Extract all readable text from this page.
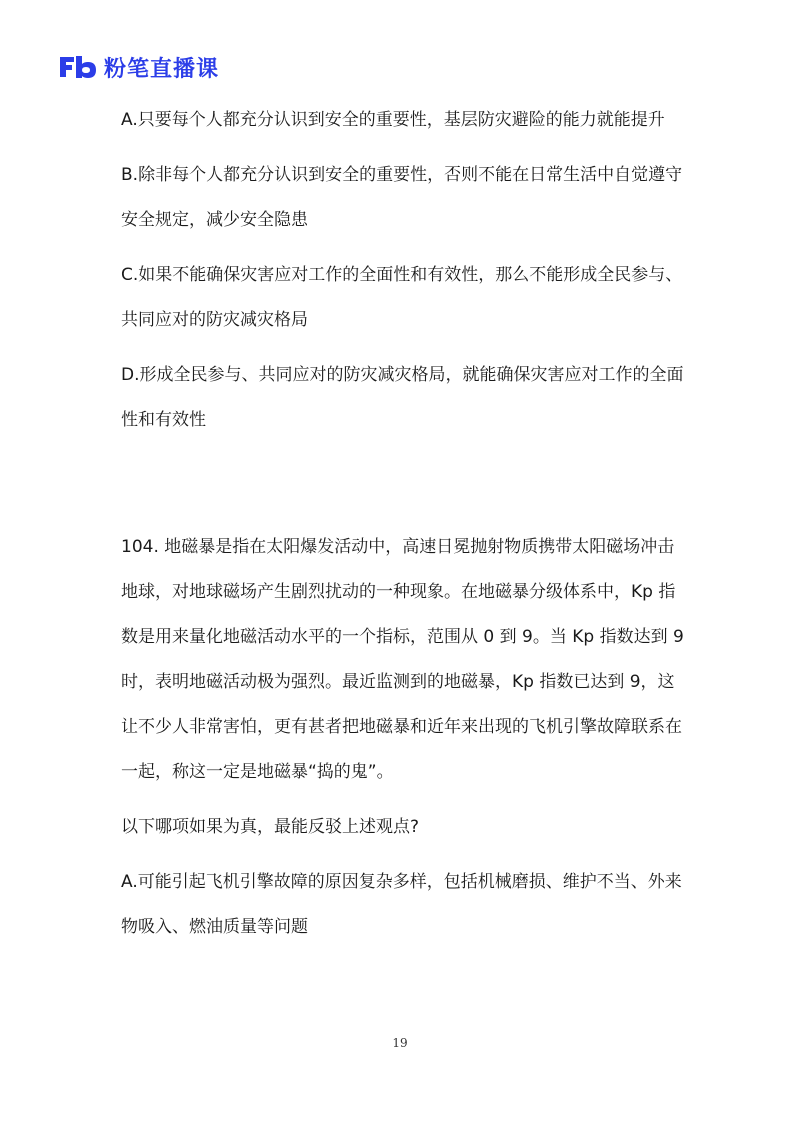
粉笔直播课

A.只要每个人都充分认识到安全的重要性，基层防灾避险的能力就能提升

B.除非每个人都充分认识到安全的重要性，否则不能在日常生活中自觉遵守安全规定，减少安全隐患

C.如果不能确保灾害应对工作的全面性和有效性，那么不能形成全民参与、共同应对的防灾减灾格局

D.形成全民参与、共同应对的防灾减灾格局，就能确保灾害应对工作的全面性和有效性

104. 地磁暴是指在太阳爆发活动中，高速日冕抛射物质携带太阳磁场冲击地球，对地球磁场产生剧烈扰动的一种现象。在地磁暴分级体系中，Kp 指数是用来量化地磁活动水平的一个指标，范围从 0 到 9。当 Kp 指数达到 9 时，表明地磁活动极为强烈。最近监测到的地磁暴，Kp 指数已达到 9，这让不少人非常害怕，更有甚者把地磁暴和近年来出现的飞机引擎故障联系在一起，称这一定是地磁暴“捣的鬼”。

以下哪项如果为真，最能反驳上述观点?

A.可能引起飞机引擎故障的原因复杂多样，包括机械磨损、维护不当、外来物吸入、燃油质量等问题

19
